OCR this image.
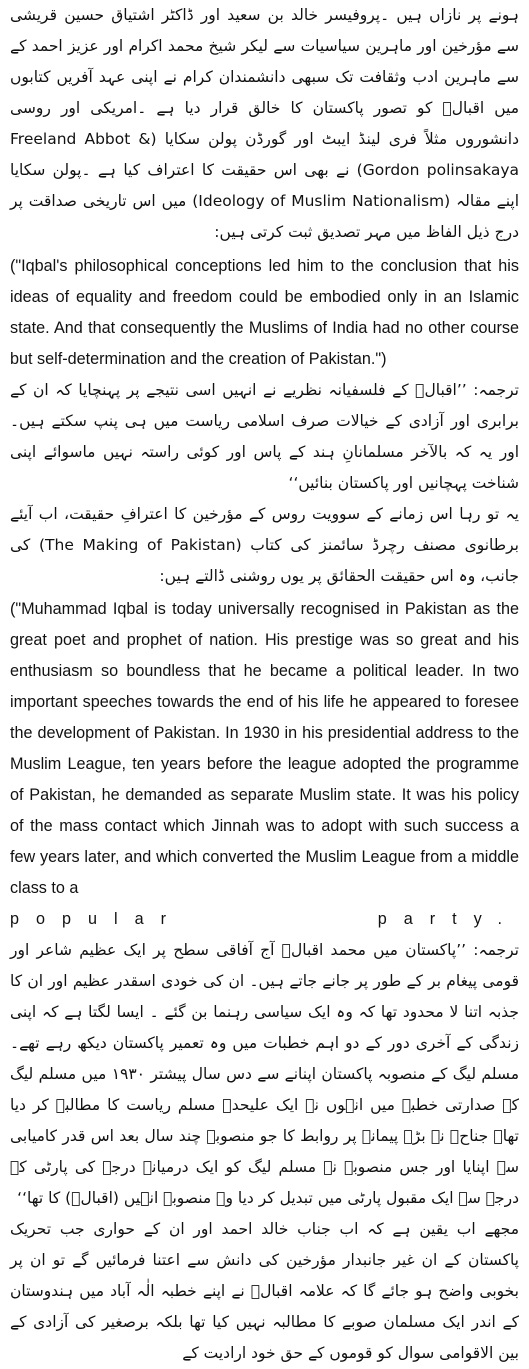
ہونے پر نازاں ہیں ۔پروفیسر خالد بن سعید اور ڈاکٹر اشتیاق حسین قریشی سے مؤرخین اور ماہرین سیاسیات سے لیکر شیخ محمد اکرام اور عزیز احمد کے سے ماہرین ادب وثقافت تک سبھی دانشمندان کرام نے اپنی عہد آفریں کتابوں میں اقبالؒ کو تصور پاکستان کا خالق قرار دیا ہے ۔امریکی اور روسی دانشوروں مثلاً فری لینڈ ایبٹ اور گورڈن پولن سکایا (Freeland Abbot & Gordon polinsakaya) نے بھی اس حقیقت کا اعتراف کیا ہے ۔پولن سکایا اپنے مقالہ (Ideology of Muslim Nationalism) میں اس تاریخی صداقت پر درج ذیل الفاظ میں مہر تصدیق ثبت کرتی ہیں:

("Iqbal's philosophical conceptions led him to the conclusion that his ideas of equality and freedom could be embodied only in an Islamic state. And that consequently the Muslims of India had no other course but self-determination and the creation of Pakistan.")

ترجمہ: ’’اقبالؒ کے فلسفیانہ نظریے نے انہیں اسی نتیجے پر پہنچایا کہ ان کے برابری اور آزادی کے خیالات صرف اسلامی ریاست میں ہی پنپ سکتے ہیں۔ اور یہ کہ بالآخر مسلمانانِ ہند کے پاس اور کوئی راستہ نہیں ماسوائے اپنی شناخت پہچانیں اور پاکستان بنائیں‘‘

یہ تو رہا اس زمانے کے سوویت روس کے مؤرخین کا اعترافِ حقیقت، اب آیئے برطانوی مصنف رچرڈ سائمنز کی کتاب (The Making of Pakistan) کی جانب، وہ اس حقیقت الحقائق پر یوں روشنی ڈالتے ہیں:

("Muhammad Iqbal is today universally recognised in Pakistan as the great poet and prophet of nation. His prestige was so great and his enthusiasm so boundless that he became a political leader. In two important speeches towards the end of his life he appeared to foresee the development of Pakistan. In 1930 in his presidential address to the Muslim League, ten years before the league adopted the programme of Pakistan, he demanded as separate Muslim state. It was his policy of the mass contact which Jinnah was to adopt with such success a few years later, and which converted the Muslim League from a middle class to a

popular party.

ترجمہ: ’’پاکستان میں محمد اقبالؒ آج آفاقی سطح پر ایک عظیم شاعر اور قومی پیغام بر کے طور پر جانے جاتے ہیں۔ ان کی خودی اسقدر عظیم اور ان کا جذبہ اتنا لا محدود تھا کہ وہ ایک سیاسی رہنما بن گئے ۔ ایسا لگتا ہے کہ اپنی زندگی کے آخری دور کے دو اہم خطبات میں وہ تعمیر پاکستان دیکھ رہے تھے۔ مسلم لیگ کے منصوبہ پاکستان اپنانے سے دس سال پیشتر ۱۹۳۰ میں مسلم لیگ کے صدارتی خطبے میں انہوں نے ایک علیحدہ مسلم ریاست کا مطالبہ کر دیا تھا۔ جناحؒ نے بڑے پیمانے پر روابط کا جو منصوبہ چند سال بعد اس قدر کامیابی سے اپنایا اور جس منصوبے نے مسلم لیگ کو ایک درمیانے درجے کی پارٹی کے درجے سے ایک مقبول پارٹی میں تبدیل کر دیا وہ منصوبہ انہیں (اقبالؒ) کا تھا‘‘

مجھے اب یقین ہے کہ اب جناب خالد احمد اور ان کے حواری جب تحریک پاکستان کے ان غیر جانبدار مؤرخین کی دانش سے اعتنا فرمائیں گے تو ان پر بخوبی واضح ہو جائے گا کہ علامہ اقبالؒ نے اپنے خطبہ الٰہ آباد میں ہندوستان کے اندر ایک مسلمان صوبے کا مطالبہ نہیں کیا تھا بلکہ برصغیر کی آزادی کے بین الاقوامی سوال کو قوموں کے حق خود ارادیت کے
